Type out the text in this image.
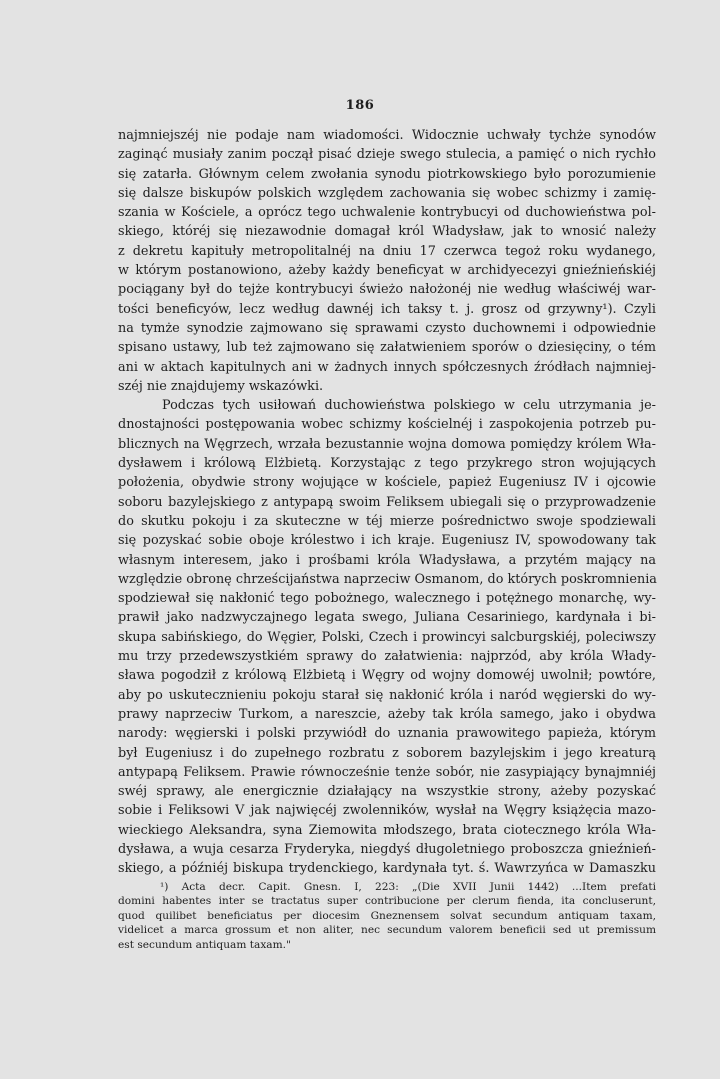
186
najmniejszéj nie podaje nam wiadomości. Widocznie uchwały tychże synodów
zaginąć musiały zanim począł pisać dzieje swego stulecia, a pamięć o nich rychło
się zatarła. Głównym celem zwołania synodu piotrkowskiego było porozumienie
się dalsze biskupów polskich względem zachowania się wobec schizmy i zamię-
szania w Kościele, a oprócz tego uchwalenie kontrybucyi od duchowieństwa pol-
skiego, któréj się niezawodnie domagał król Władysław, jak to wnosić należy
z dekretu kapituły metropolitalnéj na dniu 17 czerwca tegoż roku wydanego,
w którym postanowiono, ażeby każdy beneficyat w archidyecezyi gnieźnieńskiéj
pociągany był do tejże kontrybucyi świeżo nałożonéj nie według właściwéj war-
tości beneficyów, lecz według dawnéj ich taksy t. j. grosz od grzywny¹). Czyli
na tymże synodzie zajmowano się sprawami czysto duchownemi i odpowiednie
spisano ustawy, lub też zajmowano się załatwieniem sporów o dziesięciny, o tém
ani w aktach kapitulnych ani w żadnych innych spółczesnych źródłach najmniej-
széj nie znajdujemy wskazówki.
Podczas tych usiłowań duchowieństwa polskiego w celu utrzymania je-
dnostajności postępowania wobec schizmy kościelnéj i zaspokojenia potrzeb pu-
blicznych na Węgrzech, wrzała bezustannie wojna domowa pomiędzy królem Wła-
dysławem i królową Elżbietą. Korzystając z tego przykrego stron wojujących
położenia, obydwie strony wojujące w kościele, papież Eugeniusz IV i ojcowie
soboru bazylejskiego z antypapą swoim Feliksem ubiegali się o przyprowadzenie
do skutku pokoju i za skuteczne w téj mierze pośrednictwo swoje spodziewali
się pozyskać sobie oboje królestwo i ich kraje. Eugeniusz IV, spowodowany tak
własnym interesem, jako i prośbami króla Władysława, a przytém mający na
względzie obronę chrześcijaństwa naprzeciw Osmanom, do których poskromnienia
spodziewał się nakłonić tego pobożnego, walecznego i potężnego monarchę, wy-
prawił jako nadzwyczajnego legata swego, Juliana Cesariniego, kardynała i bi-
skupa sabińskiego, do Węgier, Polski, Czech i prowincyi salcburgskiéj, poleciwszy
mu trzy przedewszystkiém sprawy do załatwienia: najprzód, aby króla Włady-
sława pogodził z królową Elżbietą i Węgry od wojny domowéj uwolnił; powtóre,
aby po uskutecznieniu pokoju starał się nakłonić króla i naród węgierski do wy-
prawy naprzeciw Turkom, a nareszcie, ażeby tak króla samego, jako i obydwa
narody: węgierski i polski przywiódł do uznania prawowitego papieża, którym
był Eugeniusz i do zupełnego rozbratu z soborem bazylejskim i jego kreaturą
antypapą Feliksem. Prawie równocześnie tenże sobór, nie zasypiający bynajmniéj
swéj sprawy, ale energicznie działający na wszystkie strony, ażeby pozyskać
sobie i Feliksowi V jak najwięcéj zwolenników, wysłał na Węgry książęcia mazo-
wieckiego Aleksandra, syna Ziemowita młodszego, brata ciotecznego króla Wła-
dysława, a wuja cesarza Fryderyka, niegdyś długoletniego proboszcza gnieźnień-
skiego, a późniéj biskupa trydenckiego, kardynała tyt. ś. Wawrzyńca w Damaszku
¹) Acta decr. Capit. Gnesn. I, 223: „(Die XVII Junii 1442) ...Item prefati
domini habentes inter se tractatus super contribucione per clerum fienda, ita concluserunt,
quod quilibet beneficiatus per diocesim Gneznensem solvat secundum antiquam taxam,
videlicet a marca grossum et non aliter, nec secundum valorem beneficii sed ut premissum
est secundum antiquam taxam."
